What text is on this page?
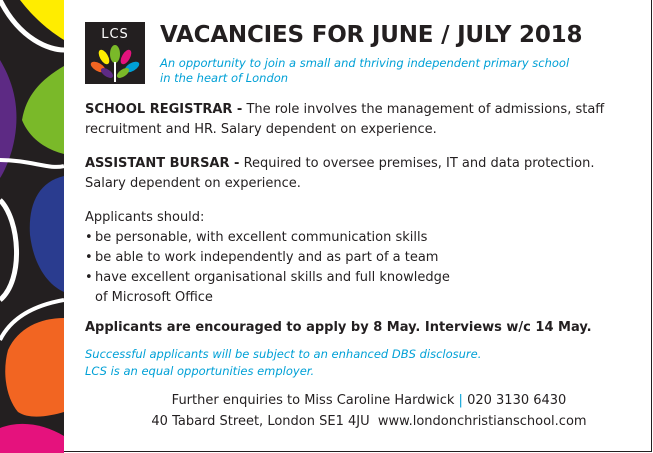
LCS	VACANCIES FOR JUNE / JULY 2018
An opportunity to join a small and thriving independent primary school
in the heart of London
SCHOOL REGISTRAR - The role involves the management of admissions, staff recruitment and HR. Salary dependent on experience.
ASSISTANT BURSAR - Required to oversee premises, IT and data protection. Salary dependent on experience.
Applicants should:
• be personable, with excellent communication skills
• be able to work independently and as part of a team
• have excellent organisational skills and full knowledge
of Microsoft Office
Applicants are encouraged to apply by 8 May. Interviews w/c 14 May.
Successful applicants will be subject to an enhanced DBS disclosure.
LCS is an equal opportunities employer.
Further enquiries to Miss Caroline Hardwick | 020 3130 6430
40 Tabard Street, London SE1 4JU www.londonchristianschool.com
